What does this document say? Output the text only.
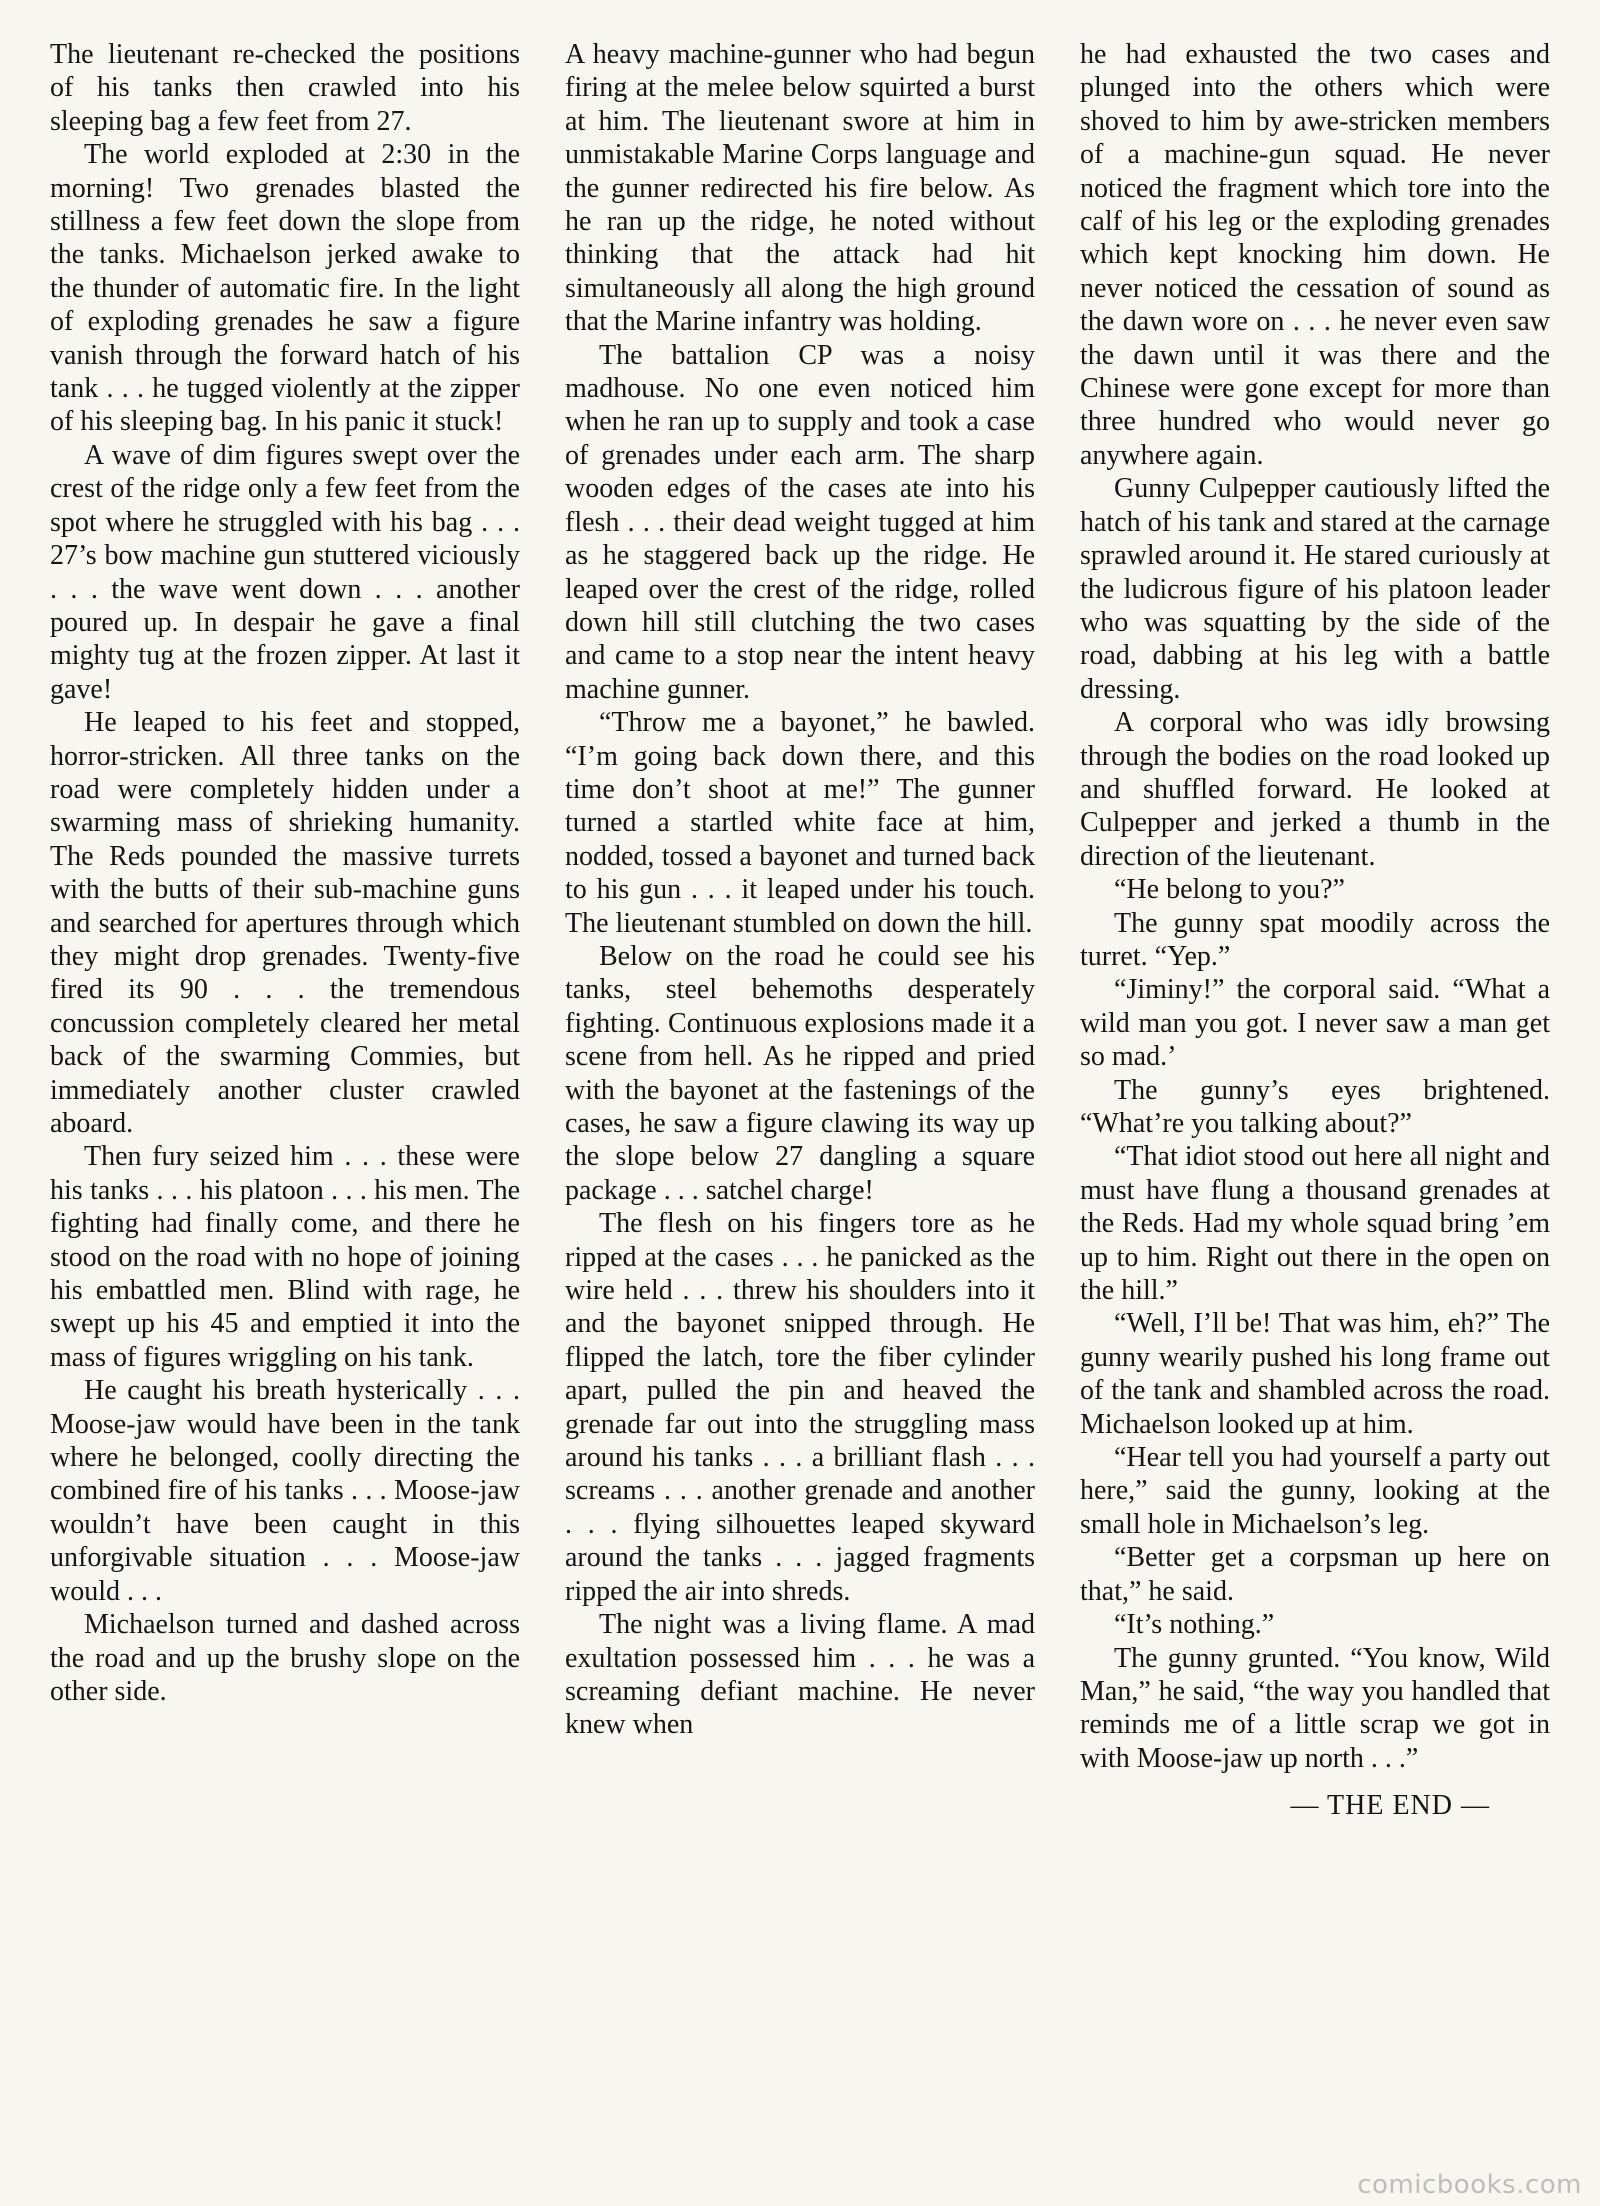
The lieutenant re-checked the positions of his tanks then crawled into his sleeping bag a few feet from 27.

The world exploded at 2:30 in the morning! Two grenades blasted the stillness a few feet down the slope from the tanks. Michaelson jerked awake to the thunder of automatic fire. In the light of exploding grenades he saw a figure vanish through the forward hatch of his tank . . . he tugged violently at the zipper of his sleeping bag. In his panic it stuck!

A wave of dim figures swept over the crest of the ridge only a few feet from the spot where he struggled with his bag . . . 27’s bow machine gun stuttered viciously . . . the wave went down . . . another poured up. In despair he gave a final mighty tug at the frozen zipper. At last it gave!

He leaped to his feet and stopped, horror-stricken. All three tanks on the road were completely hidden under a swarming mass of shrieking humanity. The Reds pounded the massive turrets with the butts of their sub-machine guns and searched for apertures through which they might drop grenades. Twenty-five fired its 90 . . . the tremendous concussion completely cleared her metal back of the swarming Commies, but immediately another cluster crawled aboard.

Then fury seized him . . . these were his tanks . . . his platoon . . . his men. The fighting had finally come, and there he stood on the road with no hope of joining his embattled men. Blind with rage, he swept up his 45 and emptied it into the mass of figures wriggling on his tank.

He caught his breath hysterically . . . Moose-jaw would have been in the tank where he belonged, coolly directing the combined fire of his tanks . . . Moose-jaw wouldn’t have been caught in this unforgivable situation . . . Moose-jaw would . . .

Michaelson turned and dashed across the road and up the brushy slope on the other side.

A heavy machine-gunner who had begun firing at the melee below squirted a burst at him. The lieutenant swore at him in unmistakable Marine Corps language and the gunner redirected his fire below. As he ran up the ridge, he noted without thinking that the attack had hit simultaneously all along the high ground that the Marine infantry was holding.

The battalion CP was a noisy madhouse. No one even noticed him when he ran up to supply and took a case of grenades under each arm. The sharp wooden edges of the cases ate into his flesh . . . their dead weight tugged at him as he staggered back up the ridge. He leaped over the crest of the ridge, rolled down hill still clutching the two cases and came to a stop near the intent heavy machine gunner.

“Throw me a bayonet,” he bawled. “I’m going back down there, and this time don’t shoot at me!” The gunner turned a startled white face at him, nodded, tossed a bayonet and turned back to his gun . . . it leaped under his touch. The lieutenant stumbled on down the hill.

Below on the road he could see his tanks, steel behemoths desperately fighting. Continuous explosions made it a scene from hell. As he ripped and pried with the bayonet at the fastenings of the cases, he saw a figure clawing its way up the slope below 27 dangling a square package . . . satchel charge!

The flesh on his fingers tore as he ripped at the cases . . . he panicked as the wire held . . . threw his shoulders into it and the bayonet snipped through. He flipped the latch, tore the fiber cylinder apart, pulled the pin and heaved the grenade far out into the struggling mass around his tanks . . . a brilliant flash . . . screams . . . another grenade and another . . . flying silhouettes leaped skyward around the tanks . . . jagged fragments ripped the air into shreds.

The night was a living flame. A mad exultation possessed him . . . he was a screaming defiant machine. He never knew when

he had exhausted the two cases and plunged into the others which were shoved to him by awe-stricken members of a machine-gun squad. He never noticed the fragment which tore into the calf of his leg or the exploding grenades which kept knocking him down. He never noticed the cessation of sound as the dawn wore on . . . he never even saw the dawn until it was there and the Chinese were gone except for more than three hundred who would never go anywhere again.

Gunny Culpepper cautiously lifted the hatch of his tank and stared at the carnage sprawled around it. He stared curiously at the ludicrous figure of his platoon leader who was squatting by the side of the road, dabbing at his leg with a battle dressing.

A corporal who was idly browsing through the bodies on the road looked up and shuffled forward. He looked at Culpepper and jerked a thumb in the direction of the lieutenant.

“He belong to you?”

The gunny spat moodily across the turret. “Yep.”

“Jiminy!” the corporal said. “What a wild man you got. I never saw a man get so mad.’

The gunny’s eyes brightened. “What’re you talking about?”

“That idiot stood out here all night and must have flung a thousand grenades at the Reds. Had my whole squad bring ’em up to him. Right out there in the open on the hill.”

“Well, I’ll be! That was him, eh?” The gunny wearily pushed his long frame out of the tank and shambled across the road. Michaelson looked up at him.

“Hear tell you had yourself a party out here,” said the gunny, looking at the small hole in Michaelson’s leg.

“Better get a corpsman up here on that,” he said.

“It’s nothing.”

The gunny grunted. “You know, Wild Man,” he said, “the way you handled that reminds me of a little scrap we got in with Moose-jaw up north . . .”

— THE END —
comicbooks.com
